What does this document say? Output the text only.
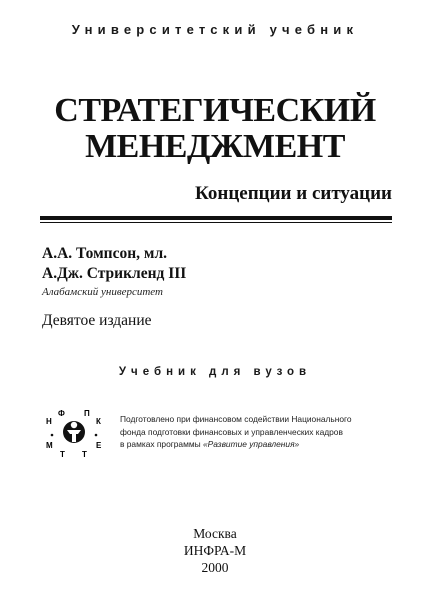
Университетский учебник
СТРАТЕГИЧЕСКИЙ
МЕНЕДЖМЕНТ
Концепции и ситуации
А.А. Томпсон, мл.
А.Дж. Стрикленд III
Алабамский университет
Девятое издание
Учебник для вузов
Н
Ф П
К
М
Т Т
Е
Подготовлено при финансовом содействии Национального
фонда подготовки финансовых и управленческих кадров
в рамках программы «Развитие управления»
Москва
ИНФРА-М
2000
